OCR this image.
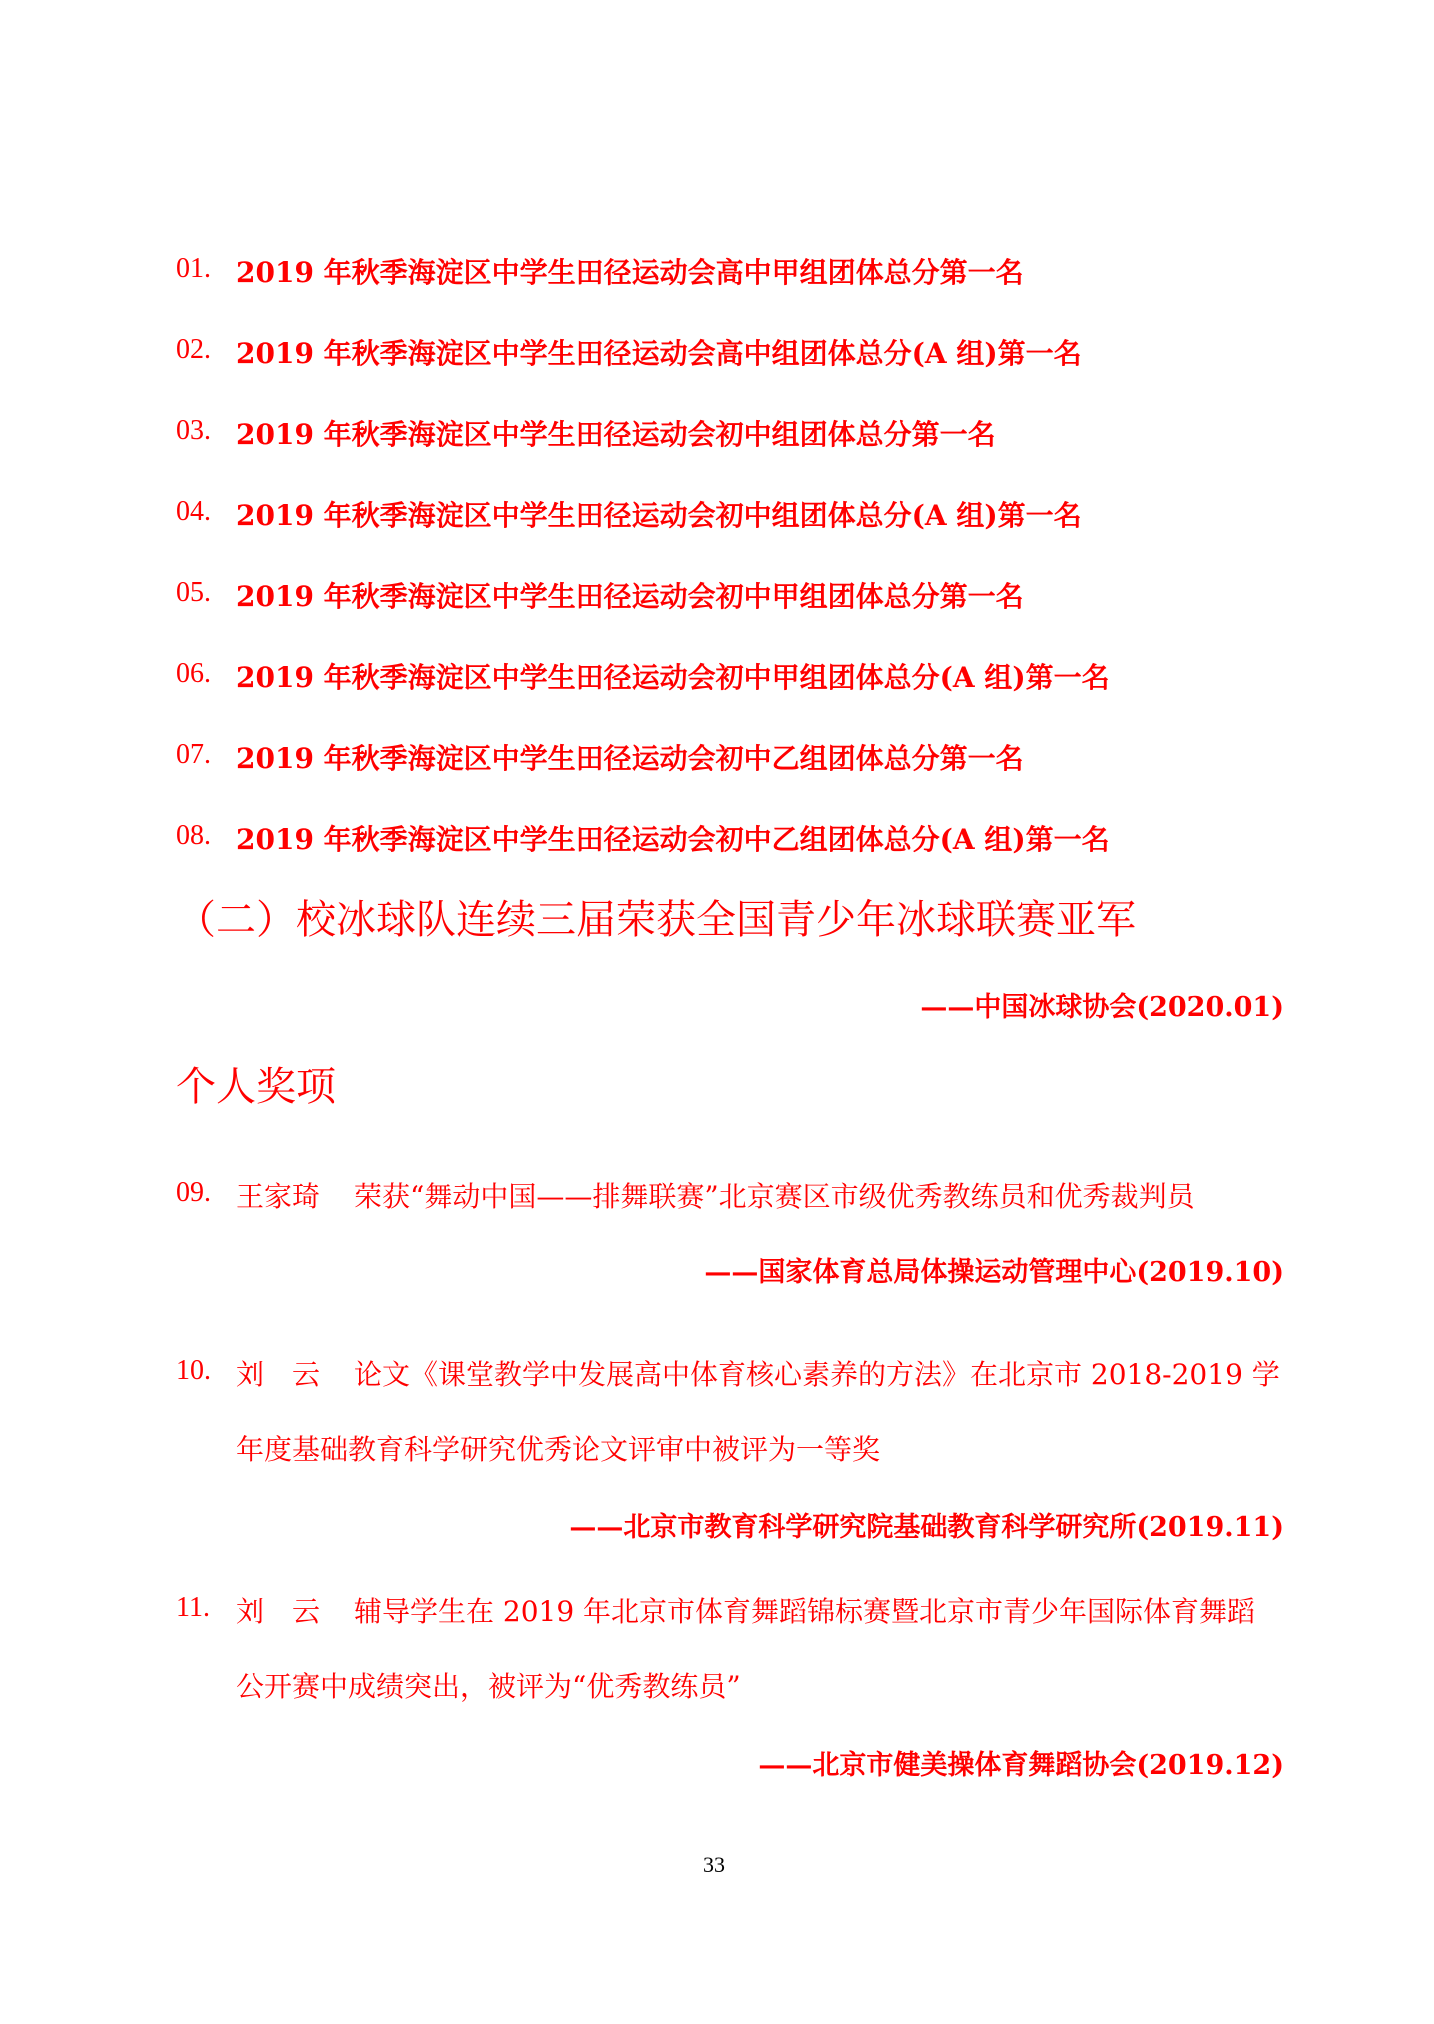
01. 2019 年秋季海淀区中学生田径运动会高中甲组团体总分第一名
02. 2019 年秋季海淀区中学生田径运动会高中组团体总分(A 组)第一名
03. 2019 年秋季海淀区中学生田径运动会初中组团体总分第一名
04. 2019 年秋季海淀区中学生田径运动会初中组团体总分(A 组)第一名
05. 2019 年秋季海淀区中学生田径运动会初中甲组团体总分第一名
06. 2019 年秋季海淀区中学生田径运动会初中甲组团体总分(A 组)第一名
07. 2019 年秋季海淀区中学生田径运动会初中乙组团体总分第一名
08. 2019 年秋季海淀区中学生田径运动会初中乙组团体总分(A 组)第一名
（二）校冰球队连续三届荣获全国青少年冰球联赛亚军
——中国冰球协会(2020.01)
个人奖项
09. 王家琦 荣获“舞动中国——排舞联赛”北京赛区市级优秀教练员和优秀裁判员
——国家体育总局体操运动管理中心(2019.10)
10. 刘　云 论文《课堂教学中发展高中体育核心素养的方法》在北京市 2018-2019 学
年度基础教育科学研究优秀论文评审中被评为一等奖
——北京市教育科学研究院基础教育科学研究所(2019.11)
11. 刘　云 辅导学生在 2019 年北京市体育舞蹈锦标赛暨北京市青少年国际体育舞蹈
公开赛中成绩突出，被评为“优秀教练员”
——北京市健美操体育舞蹈协会(2019.12)
33
